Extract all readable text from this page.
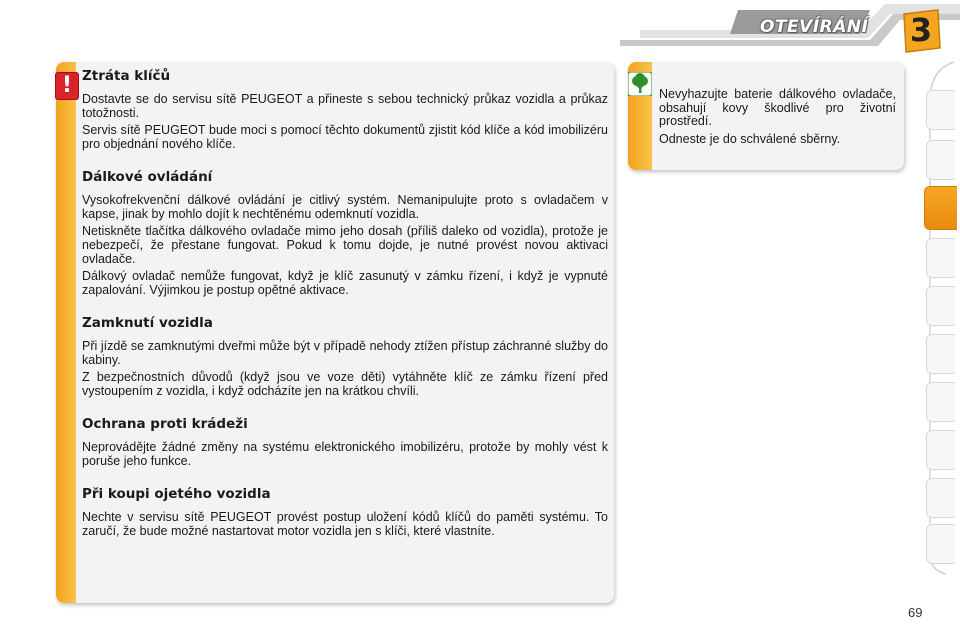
OTEVÍRÁNÍ 3
Ztráta klíčů

Dostavte se do servisu sítě PEUGEOT a přineste s sebou technický průkaz vozidla a průkaz totožnosti.

Servis sítě PEUGEOT bude moci s pomocí těchto dokumentů zjistit kód klíče a kód imobilizéru pro objednání nového klíče.

Dálkové ovládání

Vysokofrekvenční dálkové ovládání je citlivý systém. Nemanipulujte proto s ovladačem v kapse, jinak by mohlo dojít k nechtěnému odemknutí vozidla.

Netiskněte tlačítka dálkového ovladače mimo jeho dosah (příliš daleko od vozidla), protože je nebezpečí, že přestane fungovat. Pokud k tomu dojde, je nutné provést novou aktivaci ovladače.

Dálkový ovladač nemůže fungovat, když je klíč zasunutý v zámku řízení, i když je vypnuté zapalování. Výjimkou je postup opětné aktivace.

Zamknutí vozidla

Při jízdě se zamknutými dveřmi může být v případě nehody ztížen přístup záchranné služby do kabiny.

Z bezpečnostních důvodů (když jsou ve voze děti) vytáhněte klíč ze zámku řízení před vystoupením z vozidla, i když odcházíte jen na krátkou chvíli.

Ochrana proti krádeži

Neprovádějte žádné změny na systému elektronického imobilizéru, protože by mohly vést k poruše jeho funkce.

Při koupi ojetého vozidla

Nechte v servisu sítě PEUGEOT provést postup uložení kódů klíčů do paměti systému. To zaručí, že bude možné nastartovat motor vozidla jen s klíči, které vlastníte.

!	Nevyhazujte baterie dálkového ovladače, obsahují kovy škodlivé pro životní prostředí.

Odneste je do schválené sběrny.

69
